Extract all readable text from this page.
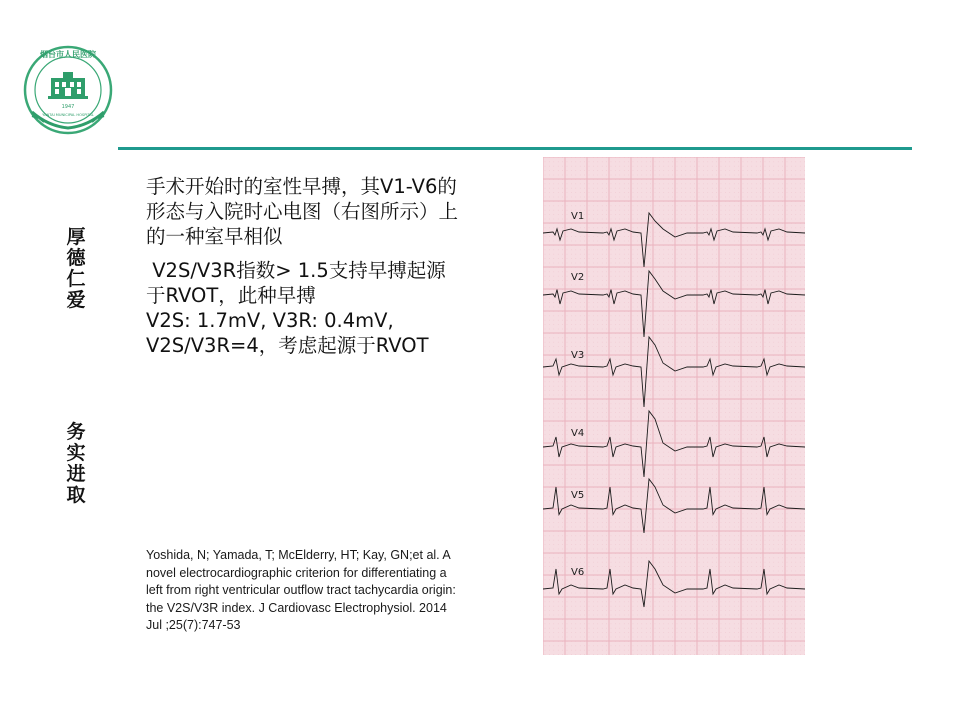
烟台市人民医院
1947
YANTAI MUNICIPAL HOSPITAL
厚
德
仁
爱
务
实
进
取

手术开始时的室性早搏，其V1-V6的形态与入院时心电图（右图所示）上的一种室早相似

V2S/V3R指数> 1.5支持早搏起源于RVOT，此种早搏
V2S: 1.7mV, V3R: 0.4mV, V2S/V3R=4，考虑起源于RVOT

Yoshida, N; Yamada, T; McElderry, HT; Kay, GN;et al. A novel electrocardiographic criterion for differentiating a left from right ventricular outflow tract tachycardia origin: the V2S/V3R index. J Cardiovasc Electrophysiol. 2014 Jul ;25(7):747-53
V1
V2
V3
V4
V5
V6
